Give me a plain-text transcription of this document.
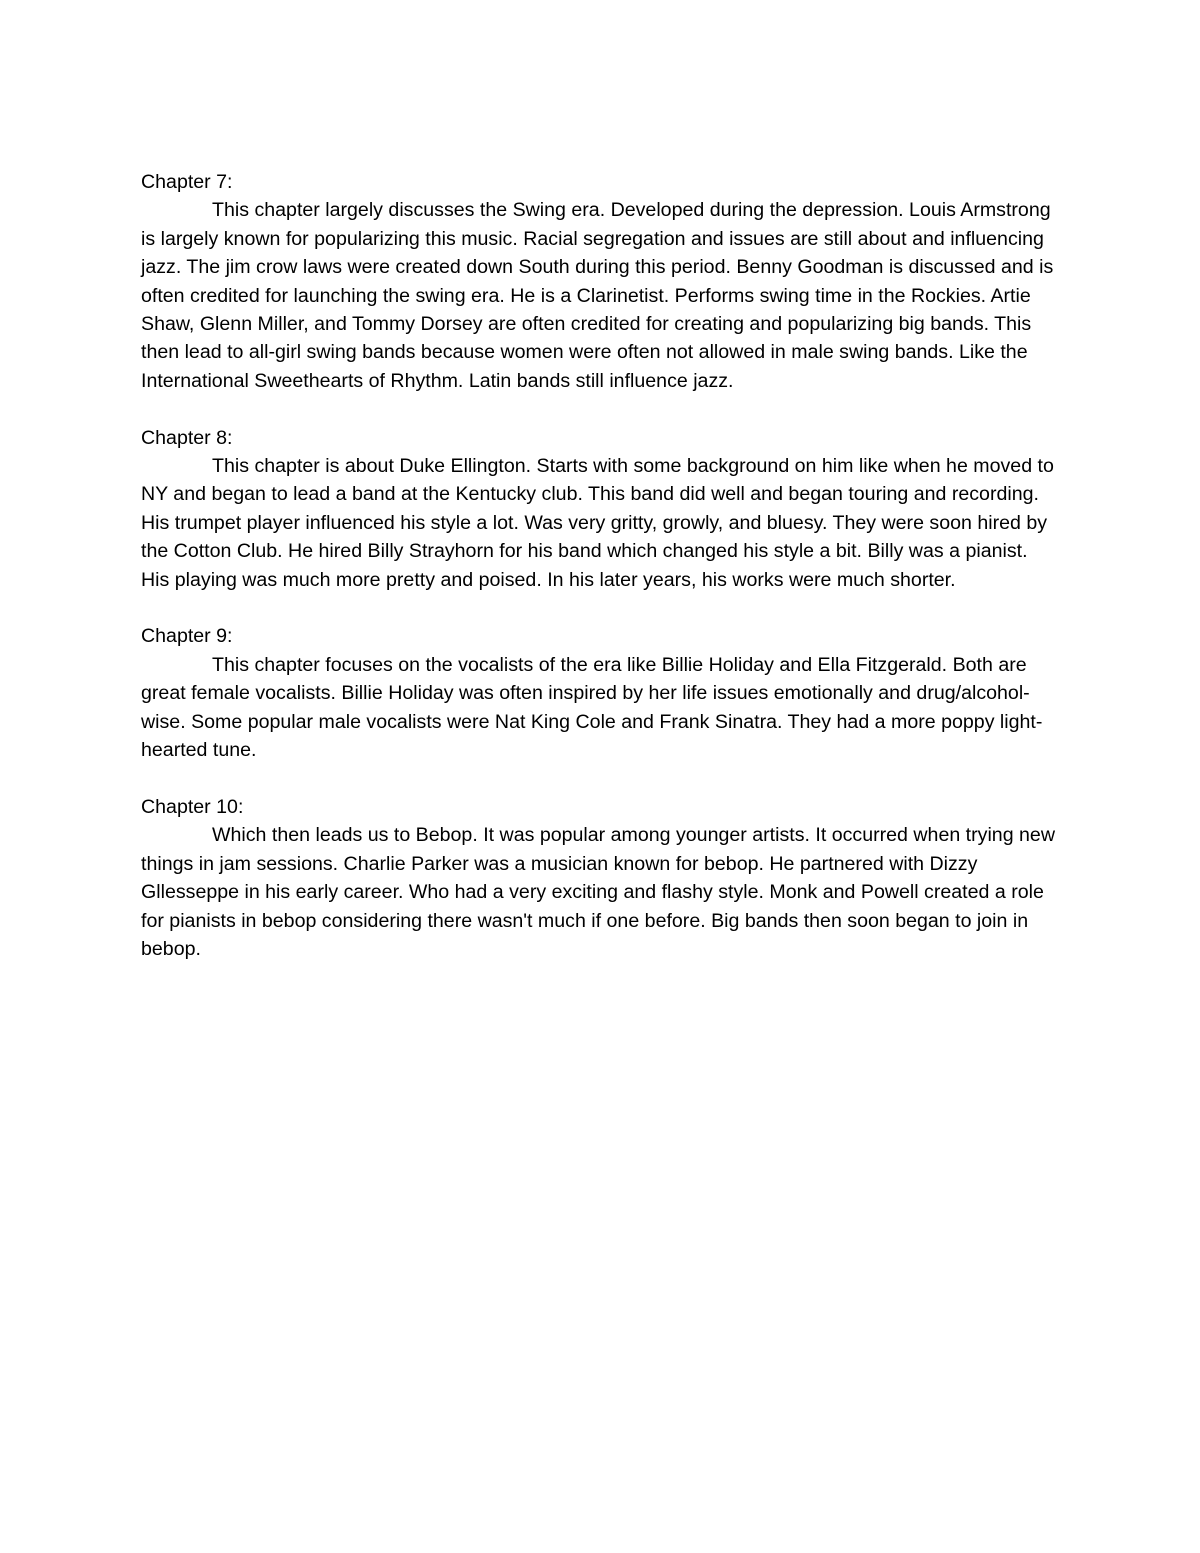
Chapter 7:
This chapter largely discusses the Swing era. Developed during the depression. Louis Armstrong is largely known for popularizing this music. Racial segregation and issues are still about and influencing jazz. The jim crow laws were created down South during this period. Benny Goodman is discussed and is often credited for launching the swing era. He is a Clarinetist. Performs swing time in the Rockies. Artie Shaw, Glenn Miller, and Tommy Dorsey are often credited for creating and popularizing big bands. This then lead to all-girl swing bands because women were often not allowed in male swing bands. Like the International Sweethearts of Rhythm. Latin bands still influence jazz.
Chapter 8:
This chapter is about Duke Ellington. Starts with some background on him like when he moved to NY and began to lead a band at the Kentucky club. This band did well and began touring and recording. His trumpet player influenced his style a lot. Was very gritty, growly, and bluesy. They were soon hired by the Cotton Club. He hired Billy Strayhorn for his band which changed his style a bit. Billy was a pianist. His playing was much more pretty and poised. In his later years, his works were much shorter.
Chapter 9:
This chapter focuses on the vocalists of the era like Billie Holiday and Ella Fitzgerald. Both are great female vocalists. Billie Holiday was often inspired by her life issues emotionally and drug/alcohol-wise. Some popular male vocalists were Nat King Cole and Frank Sinatra. They had a more poppy light-hearted tune.
Chapter 10:
Which then leads us to Bebop. It was popular among younger artists. It occurred when trying new things in jam sessions. Charlie Parker was a musician known for bebop. He partnered with Dizzy Gllesseppe in his early career. Who had a very exciting and flashy style. Monk and Powell created a role for pianists in bebop considering there wasn't much if one before. Big bands then soon began to join in bebop.
